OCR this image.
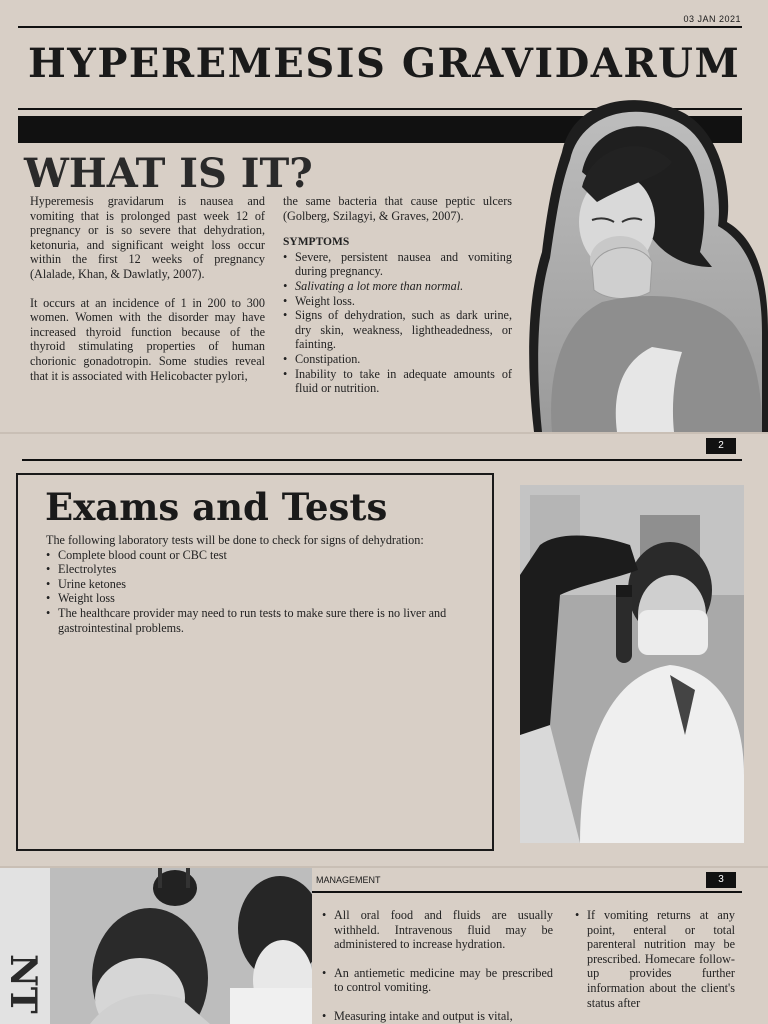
03 JAN 2021
HYPEREMESIS GRAVIDARUM
WHAT IS IT?

Hyperemesis gravidarum is nausea and vomiting that is prolonged past week 12 of pregnancy or is so severe that dehydration, ketonuria, and significant weight loss occur within the first 12 weeks of pregnancy (Alalade, Khan, & Dawlatly, 2007).

It occurs at an incidence of 1 in 200 to 300 women. Women with the disorder may have increased thyroid function because of the thyroid stimulating properties of human chorionic gonadotropin. Some studies reveal that it is associated with Helicobacter pylori,

the same bacteria that cause peptic ulcers (Golberg, Szilagyi, & Graves, 2007).

SYMPTOMS
• Severe, persistent nausea and vomiting during pregnancy.
• Salivating a lot more than normal.
• Weight loss.
• Signs of dehydration, such as dark urine, dry skin, weakness, lightheadedness, or fainting.
• Constipation.
• Inability to take in adequate amounts of fluid or nutrition.
2
Exams and Tests
The following laboratory tests will be done to check for signs of dehydration:
• Complete blood count or CBC test
• Electrolytes
• Urine ketones
• Weight loss
• The healthcare provider may need to run tests to make sure there is no liver and gastrointestinal problems.
NT
MANAGEMENT	3
• All oral food and fluids are usually withheld. Intravenous fluid may be administered to increase hydration.
• An antiemetic medicine may be prescribed to control vomiting.
• Measuring intake and output is vital,
• If vomiting returns at any point, enteral or total parenteral nutrition may be prescribed. Homecare follow-up provides further information about the client's status after
